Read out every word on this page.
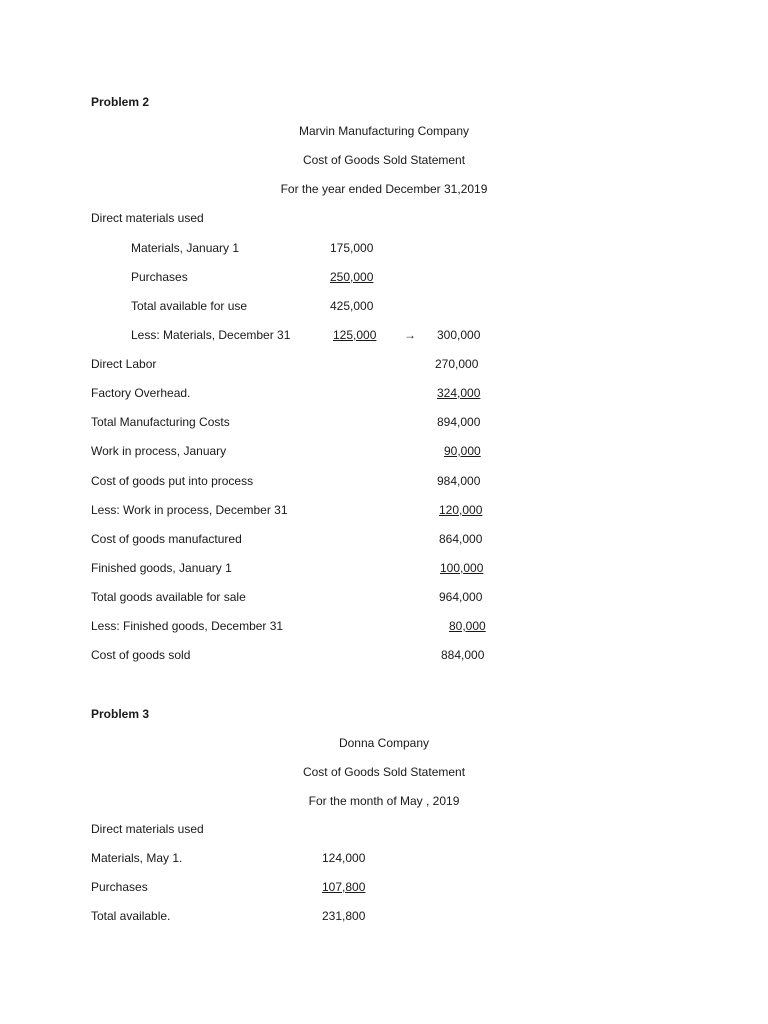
Problem 2
Marvin Manufacturing Company
Cost of Goods Sold Statement
For the year ended December 31,2019
Direct materials used
Materials, January 1	175,000
Purchases	250,000
Total available for use	425,000
Less: Materials, December 31	125,000 → 300,000
Direct Labor	270,000
Factory Overhead.	324,000
Total Manufacturing Costs	894,000
Work in process, January	90,000
Cost of goods put into process	984,000
Less: Work in process, December 31	120,000
Cost of goods manufactured	864,000
Finished goods, January 1	100,000
Total goods available for sale	964,000
Less: Finished goods, December 31	80,000
Cost of goods sold	884,000
Problem 3
Donna Company
Cost of Goods Sold Statement
For the month of May , 2019
Direct materials used
Materials, May 1.	124,000
Purchases	107,800
Total available.	231,800
